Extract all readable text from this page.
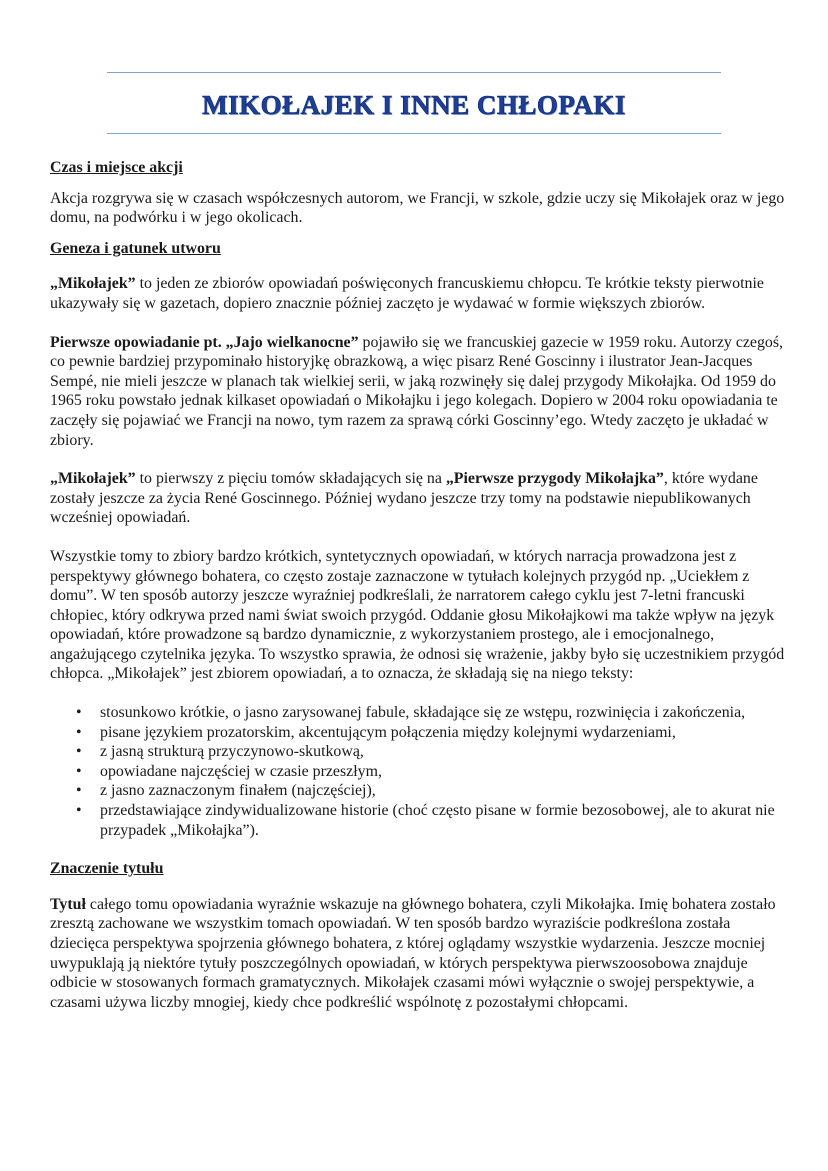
MIKOŁAJEK I INNE CHŁOPAKI
Czas i miejsce akcji

Akcja rozgrywa się w czasach współczesnych autorom, we Francji, w szkole, gdzie uczy się Mikołajek oraz w jego domu, na podwórku i w jego okolicach.

Geneza i gatunek utworu

„Mikołajek” to jeden ze zbiorów opowiadań poświęconych francuskiemu chłopcu. Te krótkie teksty pierwotnie ukazywały się w gazetach, dopiero znacznie później zaczęto je wydawać w formie większych zbiorów.

Pierwsze opowiadanie pt. „Jajo wielkanocne” pojawiło się we francuskiej gazecie w 1959 roku. Autorzy czegoś, co pewnie bardziej przypominało historyjkę obrazkową, a więc pisarz René Goscinny i ilustrator Jean-Jacques Sempé, nie mieli jeszcze w planach tak wielkiej serii, w jaką rozwinęły się dalej przygody Mikołajka. Od 1959 do 1965 roku powstało jednak kilkaset opowiadań o Mikołajku i jego kolegach. Dopiero w 2004 roku opowiadania te zaczęły się pojawiać we Francji na nowo, tym razem za sprawą córki Goscinny’ego. Wtedy zaczęto je układać w zbiory.

„Mikołajek” to pierwszy z pięciu tomów składających się na „Pierwsze przygody Mikołajka”, które wydane zostały jeszcze za życia René Goscinnego. Później wydano jeszcze trzy tomy na podstawie niepublikowanych wcześniej opowiadań.

Wszystkie tomy to zbiory bardzo krótkich, syntetycznych opowiadań, w których narracja prowadzona jest z perspektywy głównego bohatera, co często zostaje zaznaczone w tytułach kolejnych przygód np. „Uciekłem z domu”. W ten sposób autorzy jeszcze wyraźniej podkreślali, że narratorem całego cyklu jest 7-letni francuski chłopiec, który odkrywa przed nami świat swoich przygód. Oddanie głosu Mikołajkowi ma także wpływ na język opowiadań, które prowadzone są bardzo dynamicznie, z wykorzystaniem prostego, ale i emocjonalnego, angażującego czytelnika języka. To wszystko sprawia, że odnosi się wrażenie, jakby było się uczestnikiem przygód chłopca. „Mikołajek” jest zbiorem opowiadań, a to oznacza, że składają się na niego teksty:

• stosunkowo krótkie, o jasno zarysowanej fabule, składające się ze wstępu, rozwinięcia i zakończenia,
• pisane językiem prozatorskim, akcentującym połączenia między kolejnymi wydarzeniami,
• z jasną strukturą przyczynowo-skutkową,
• opowiadane najczęściej w czasie przeszłym,
• z jasno zaznaczonym finałem (najczęściej),
• przedstawiające zindywidualizowane historie (choć często pisane w formie bezosobowej, ale to akurat nie przypadek „Mikołajka”).
Znaczenie tytułu

Tytuł całego tomu opowiadania wyraźnie wskazuje na głównego bohatera, czyli Mikołajka. Imię bohatera zostało zresztą zachowane we wszystkim tomach opowiadań. W ten sposób bardzo wyraziście podkreślona została dziecięca perspektywa spojrzenia głównego bohatera, z której oglądamy wszystkie wydarzenia. Jeszcze mocniej uwypuklają ją niektóre tytuły poszczególnych opowiadań, w których perspektywa pierwszoosobowa znajduje odbicie w stosowanych formach gramatycznych. Mikołajek czasami mówi wyłącznie o swojej perspektywie, a czasami używa liczby mnogiej, kiedy chce podkreślić wspólnotę z pozostałymi chłopcami.
